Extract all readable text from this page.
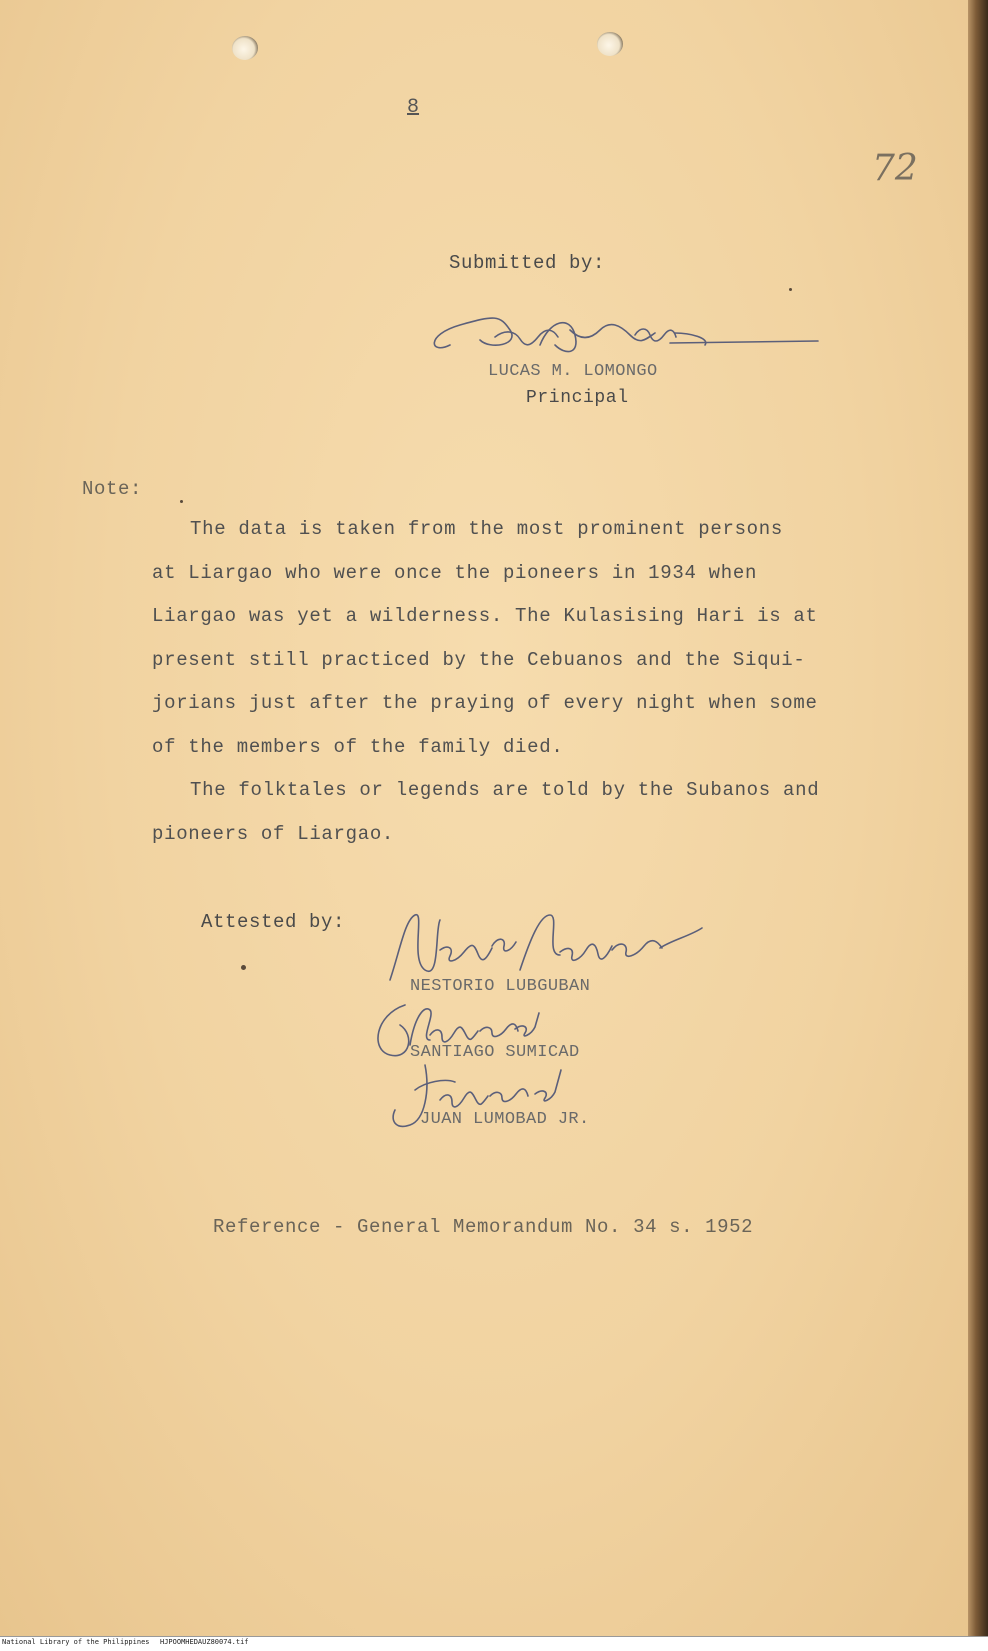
8
72
Submitted by:
LUCAS M. LOMONGO
Principal
Note:
The data is taken from the most prominent persons
at Liargao who were once the pioneers in 1934 when
Liargao was yet a wilderness. The Kulasising Hari is at
present still practiced by the Cebuanos and the Siqui-
jorians just after the praying of every night when some
of the members of the family died.
The folktales or legends are told by the Subanos and
pioneers of Liargao.
Attested by:
NESTORIO LUBGUBAN
SANTIAGO SUMICAD
JUAN LUMOBAD JR.
Reference - General Memorandum No. 34 s. 1952
National Library of the Philippines HJPOOMHEDAUZ80074.tif
